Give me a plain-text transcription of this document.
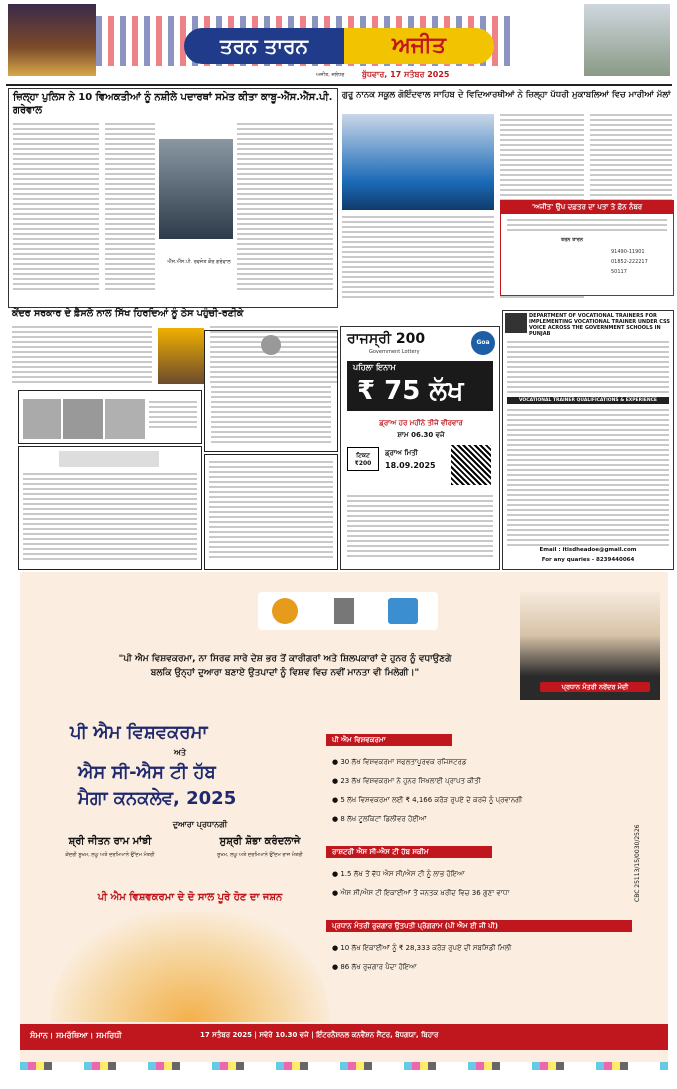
ਤਰਨ ਤਾਰਨ	ਅਜੀਤ
ਅਜੀਤ, ਜਲੰਧਰ ਬੁੱਧਵਾਰ, 17 ਸਤੰਬਰ 2025
ਜ਼ਿਲ੍ਹਾ ਪੁਲਿਸ ਨੇ 10 ਵਿਅਕਤੀਆਂ ਨੂੰ ਨਸ਼ੀਲੇ ਪਦਾਰਥਾਂ ਸਮੇਤ ਕੀਤਾ ਕਾਬੂ-ਐੱਸ.ਐੱਸ.ਪੀ. ਗਰੇਵਾਲ
ਐੱਸ.ਐੱਸ.ਪੀ. ਰਵਜੋਤ ਕੌਰ ਗਰੇਵਾਲ
ਗੁਰੂ ਨਾਨਕ ਸਕੂਲ ਗੋਇੰਦਵਾਲ ਸਾਹਿਬ ਦੇ ਵਿਦਿਆਰਥੀਆਂ ਨੇ ਜ਼ਿਲ੍ਹਾ ਪੱਧਰੀ ਮੁਕਾਬਲਿਆਂ ਵਿਚ ਮਾਰੀਆਂ ਮੱਲਾਂ
'ਅਜੀਤ' ਉਪ ਦਫ਼ਤਰ ਦਾ ਪਤਾ ਤੇ ਫ਼ੋਨ ਨੰਬਰ
ਤਰਨ ਤਾਰਨ
91490-11901
01852-222217
50117
ਕੇਂਦਰ ਸਰਕਾਰ ਦੇ ਫ਼ੈਸਲੇ ਨਾਲ ਸਿੱਖ ਹਿਰਦਿਆਂ ਨੂੰ ਠੇਸ ਪਹੁੰਚੀ-ਰਣੀਕੇ
ਰਾਜਸ੍ਰੀ 200
Government Lottery
Goa
ਪਹਿਲਾ ਇਨਾਮ
₹ 75 ਲੱਖ
ਡ੍ਰਾਅ ਹਰ ਮਹੀਨੇ ਤੀਜੇ ਵੀਰਵਾਰ
ਸ਼ਾਮ 06.30 ਵਜੇ
ਟਿਕਟ ₹200
ਡ੍ਰਾਅ ਮਿਤੀ
18.09.2025
DEPARTMENT OF VOCATIONAL TRAINERS FOR IMPLEMENTING VOCATIONAL TRAINER UNDER CSS VOICE ACROSS THE GOVERNMENT SCHOOLS IN PUNJAB
VOCATIONAL TRAINER QUALIFICATIONS & EXPERIENCE
Email : itisdheadoe@gmail.com
For any quaries - 8239440064
ਪ੍ਰਧਾਨ ਮੰਤਰੀ ਨਰੇਂਦਰ ਮੋਦੀ
"ਪੀ ਐਮ ਵਿਸ਼ਵਕਰਮਾ, ਨਾ ਸਿਰਫ ਸਾਰੇ ਦੇਸ਼ ਭਰ ਤੋਂ ਕਾਰੀਗਰਾਂ ਅਤੇ ਸ਼ਿਲਪਕਾਰਾਂ ਦੇ ਹੁਨਰ ਨੂੰ ਵਧਾਉਣਗੇ
ਬਲਕਿ ਉਨ੍ਹਾਂ ਦੁਆਰਾ ਬਣਾਏ ਉਤਪਾਦਾਂ ਨੂੰ ਵਿਸ਼ਵ ਵਿਚ ਨਵੀਂ ਮਾਨਤਾ ਵੀ ਮਿਲੇਗੀ।"
ਪੀ ਐਮ ਵਿਸ਼ਵਕਰਮਾ
ਅਤੇ
ਐਸ ਸੀ-ਐਸ ਟੀ ਹੱਬ
ਮੈਗਾ ਕਨਕਲੇਵ, 2025
ਦੁਆਰਾ ਪ੍ਰਧਾਨਗੀ
ਸ਼੍ਰੀ ਜੀਤਨ ਰਾਮ ਮਾਂਝੀ
ਕੇਂਦਰੀ ਸੂਖਮ, ਲਘੂ ਅਤੇ ਦਰਮਿਆਨੇ ਉੱਦਮ ਮੰਤਰੀ
ਸੁਸ਼੍ਰੀ ਸ਼ੋਭਾ ਕਰੰਦਲਾਜੇ
ਸੂਖਮ, ਲਘੂ ਅਤੇ ਦਰਮਿਆਨੇ ਉੱਦਮ ਰਾਜ ਮੰਤਰੀ
ਪੀ ਐਮ ਵਿਸ਼ਵਕਰਮਾ ਦੇ ਦੋ ਸਾਲ ਪੂਰੇ ਹੋਣ ਦਾ ਜਸ਼ਨ
ਪੀ ਐਮ ਵਿਸ਼ਵਕਰਮਾ
● 30 ਲੱਖ ਵਿਸ਼ਵਕਰਮਾ ਸਫਲਤਾਪੂਰਵਕ ਰਜਿਸਟਰਡ
● 23 ਲੱਖ ਵਿਸ਼ਵਕਰਮਾ ਨੇ ਹੁਨਰ ਸਿਖਲਾਈ ਪ੍ਰਾਪਤ ਕੀਤੀ
● 5 ਲੱਖ ਵਿਸ਼ਵਕਰਮਾ ਲਈ ₹ 4,166 ਕਰੋੜ ਰੁਪਏ ਦੇ ਕਰਜ਼ੇ ਨੂੰ ਪ੍ਰਵਾਨਗੀ
● 8 ਲੱਖ ਟੂਲਕਿਟਾਂ ਡਿਲੀਵਰ ਹੋਈਆਂ
ਰਾਸ਼ਟਰੀ ਐਸ ਸੀ-ਐਸ ਟੀ ਹੱਬ ਸਕੀਮ
● 1.5 ਲੱਖ ਤੋਂ ਵੱਧ ਐਸ ਸੀ/ਐਸ ਟੀ ਨੂੰ ਲਾਭ ਹੋਇਆ
● ਐਸ ਸੀ/ਐਸ ਟੀ ਇਕਾਈਆਂ ਤੋਂ ਜਨਤਕ ਖ਼ਰੀਦ ਵਿਚ 36 ਗੁਣਾ ਵਾਧਾ
ਪ੍ਰਧਾਨ ਮੰਤਰੀ ਰੁਜ਼ਗਾਰ ਉਤਪਤੀ ਪ੍ਰੋਗਰਾਮ (ਪੀ ਐਮ ਈ ਜੀ ਪੀ)
● 10 ਲੱਖ ਇਕਾਈਆਂ ਨੂੰ ₹ 28,333 ਕਰੋੜ ਰੁਪਏ ਦੀ ਸਬਸਿਡੀ ਮਿਲੀ
● 86 ਲੱਖ ਰੁਜ਼ਗਾਰ ਪੈਦਾ ਹੋਇਆ
CBC 25113/15/0030/2526
ਸੰਮਾਨ। ਸਮਰੱਥਿਆ। ਸਮਰਿਧੀ	17 ਸਤੰਬਰ 2025 | ਸਵੇਰੇ 10.30 ਵਜੇ | ਇੰਟਰਨੈਸ਼ਨਲ ਕਨਵੈਂਸ਼ਨ ਸੈਂਟਰ, ਬੋਧਗਯਾ, ਬਿਹਾਰ
